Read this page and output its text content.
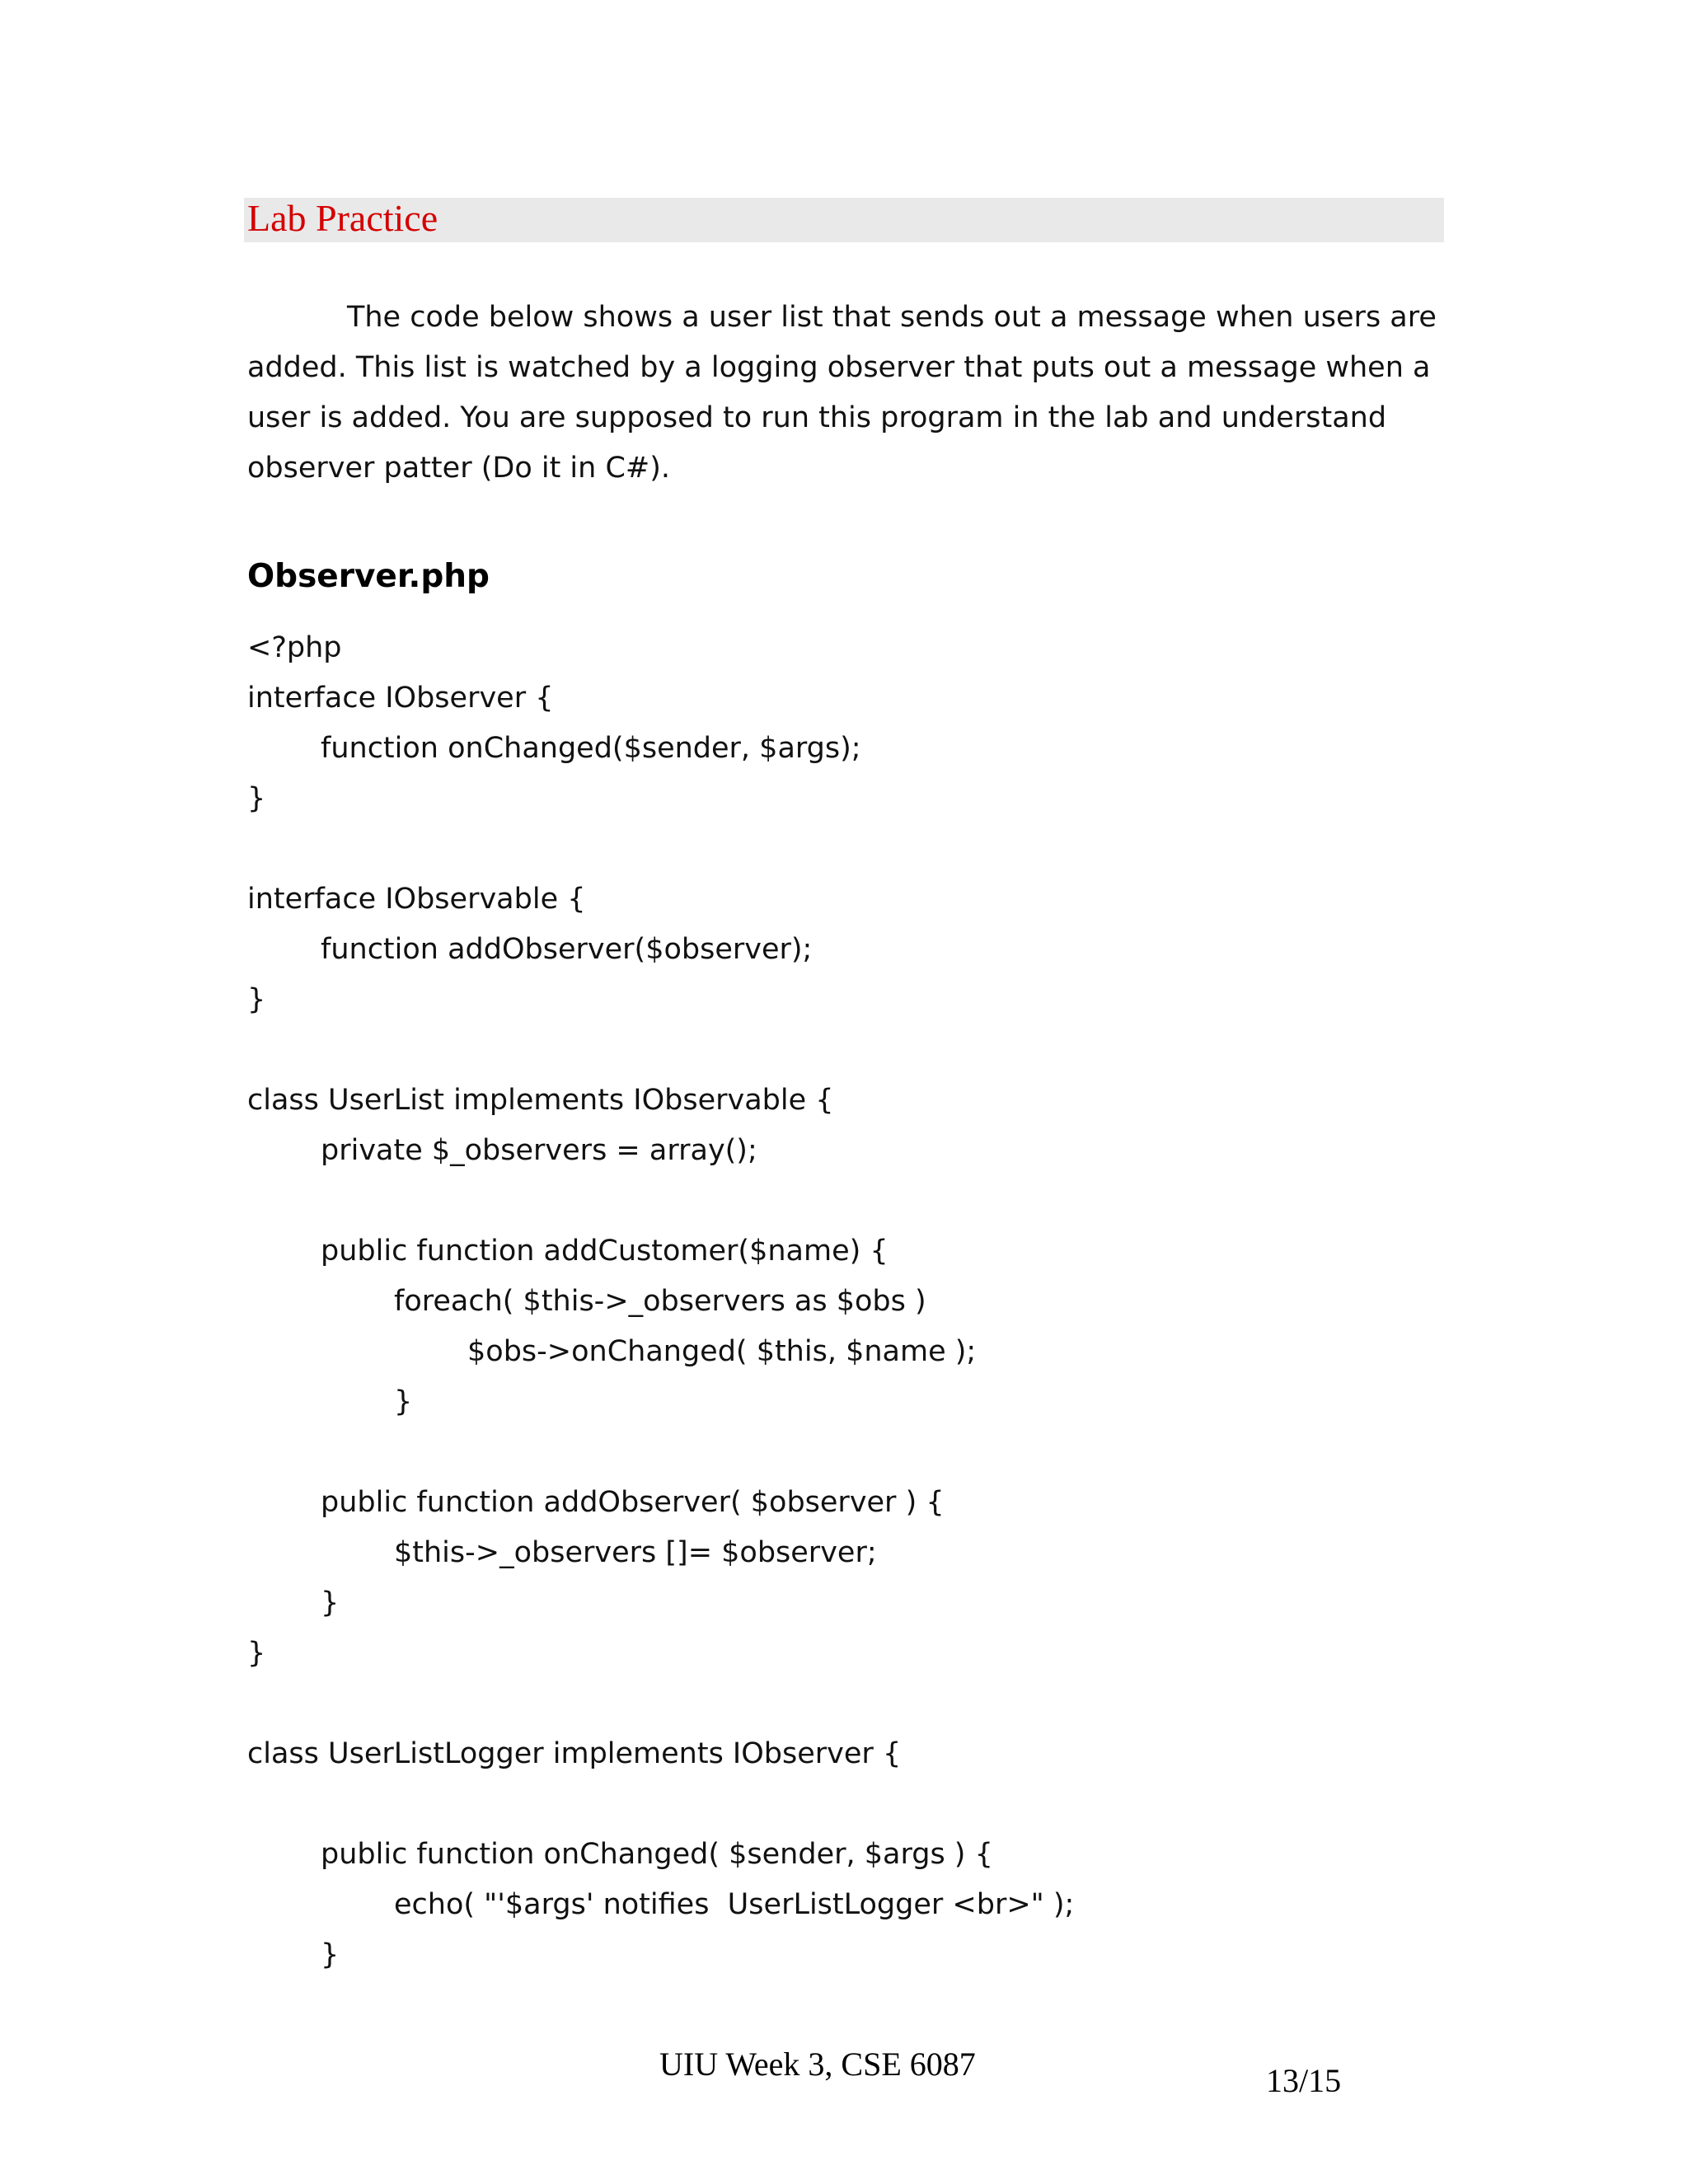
Lab Practice
The code below shows a user list that sends out a message when users are
added. This list is watched by a logging observer that puts out a message when a
user is added. You are supposed to run this program in the lab and understand
observer patter (Do it in C#).
Observer.php
<?php
interface IObserver {
function onChanged($sender, $args);
}
interface IObservable {
function addObserver($observer);
}
class UserList implements IObservable {
private $_observers = array();
public function addCustomer($name) {
foreach( $this->_observers as $obs )
$obs->onChanged( $this, $name );
}
public function addObserver( $observer ) {
$this->_observers []= $observer;
}
}
class UserListLogger implements IObserver {
public function onChanged( $sender, $args ) {
echo( "'$args' notifies  UserListLogger <br>" );
}
UIU Week 3, CSE 6087	13/15
